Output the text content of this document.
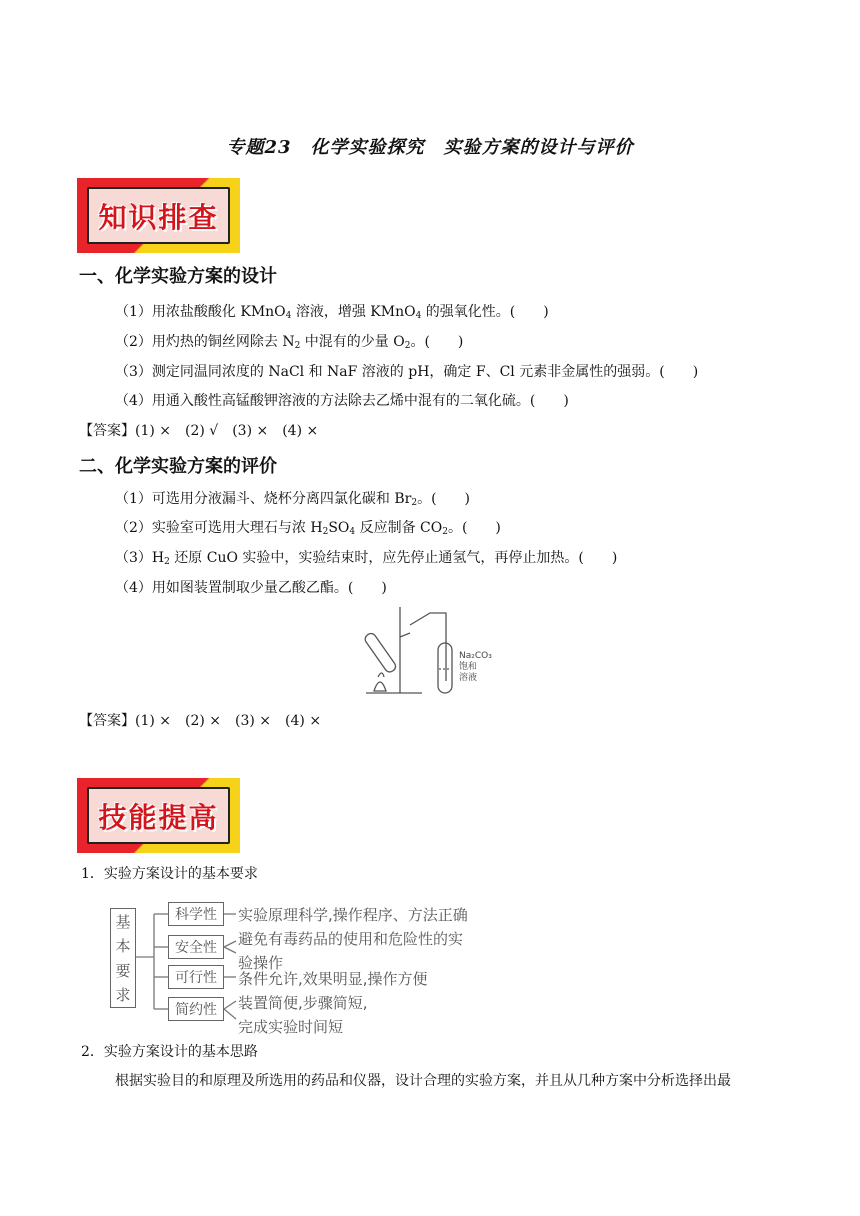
专题23　化学实验探究　实验方案的设计与评价
知识排查
一、化学实验方案的设计
（1）用浓盐酸酸化 KMnO$_4$ 溶液，增强 KMnO$_4$ 的强氧化性。(　　)
（2）用灼热的铜丝网除去 $N_2$ 中混有的少量 $O_2$。(　　)
（3）测定同温同浓度的 NaCl 和 NaF 溶液的 pH，确定 F、Cl 元素非金属性的强弱。(　　)
（4）用通入酸性高锰酸钾溶液的方法除去乙烯中混有的二氧化硫。(　　)
【答案】(1) ×　(2) √　(3) ×　(4) ×
二、化学实验方案的评价
（1）可选用分液漏斗、烧杯分离四氯化碳和 $Br_2$。(　　)
（2）实验室可选用大理石与浓 $H_2SO_4$ 反应制备 $CO_2$。(　　)
$(3)H_2$ 还原 CuO 实验中，实验结束时，应先停止通氢气，再停止加热。(　　)
（4）用如图装置制取少量乙酸乙酯。(　　)
Na₂CO₃
饱和
溶液
【答案】(1) ×　(2) ×　(3) ×　(4) ×
技能提高
1．实验方案设计的基本要求
基
本
要
求
科学性
安全性
可行性
简约性
实验原理科学,操作程序、方法正确
避免有毒药品的使用和危险性的实
验操作
条件允许,效果明显,操作方便
装置简便,步骤简短,
完成实验时间短
2．实验方案设计的基本思路
根据实验目的和原理及所选用的药品和仪器，设计合理的实验方案，并且从几种方案中分析选择出最
